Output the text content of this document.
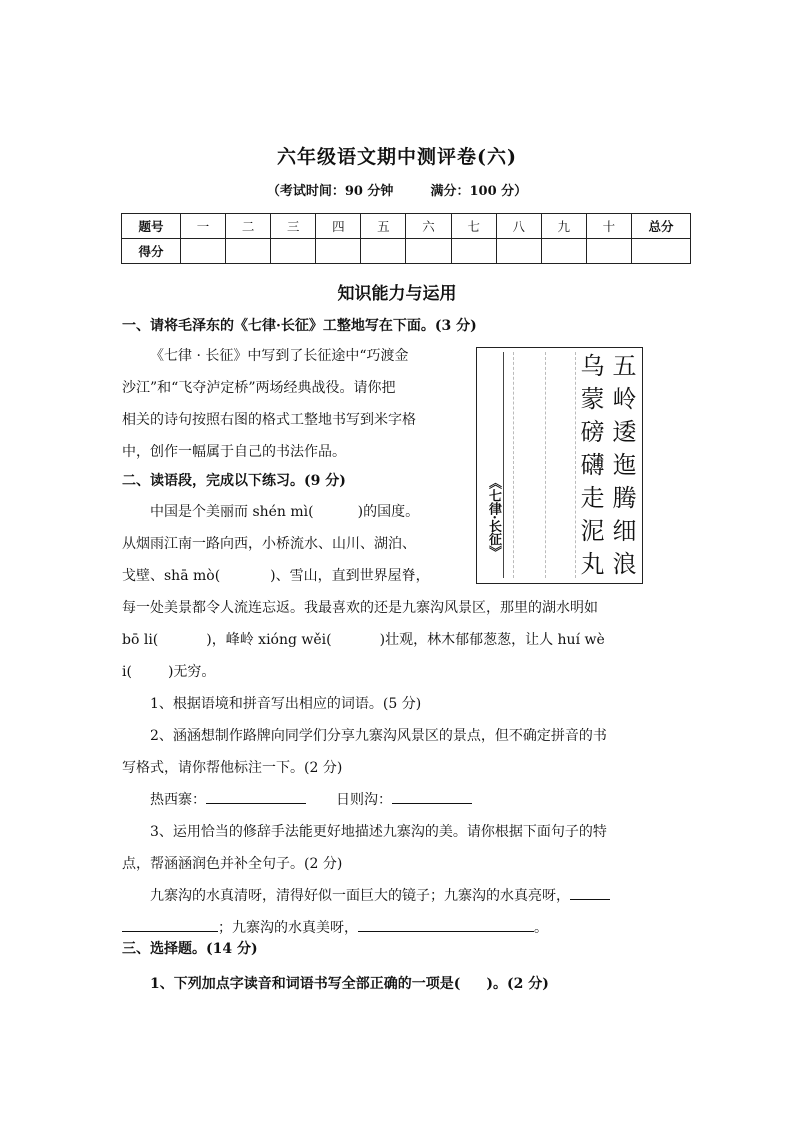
六年级语文期中测评卷(六)
（考试时间：90 分钟	满分：100 分）
题号	一	二	三	四	五	六	七	八	九	十	总分
得分											
知识能力与运用
一、请将毛泽东的《七律·长征》工整地写在下面。(3 分)
《七律 · 长征》中写到了长征途中“巧渡金
沙江”和“飞夺泸定桥”两场经典战役。请你把
相关的诗句按照右图的格式工整地书写到米字格
中，创作一幅属于自己的书法作品。
《七律·长征》
乌
蒙
磅
礴
走
泥
丸
五
岭
逶
迤
腾
细
浪
二、读语段，完成以下练习。(9 分)
中国是个美丽而 shén mì(	)的国度。
从烟雨江南一路向西，小桥流水、山川、湖泊、
戈壁、shā mò(	)、雪山，直到世界屋脊，
每一处美景都令人流连忘返。我最喜欢的还是九寨沟风景区，那里的湖水明如
bō li(	)，峰岭 xióng wěi(	)壮观，林木郁郁葱葱，让人 huí wè
i(	)无穷。
1、根据语境和拼音写出相应的词语。(5 分)
2、涵涵想制作路牌向同学们分享九寨沟风景区的景点，但不确定拼音的书
写格式，请你帮他标注一下。(2 分)
热西寨：	日则沟：
3、运用恰当的修辞手法能更好地描述九寨沟的美。请你根据下面句子的特
点，帮涵涵润色并补全句子。(2 分)
九寨沟的水真清呀，清得好似一面巨大的镜子；九寨沟的水真亮呀，
；九寨沟的水真美呀，	。
三、选择题。(14 分)
1、下列加点字读音和词语书写全部正确的一项是( )。(2 分)
